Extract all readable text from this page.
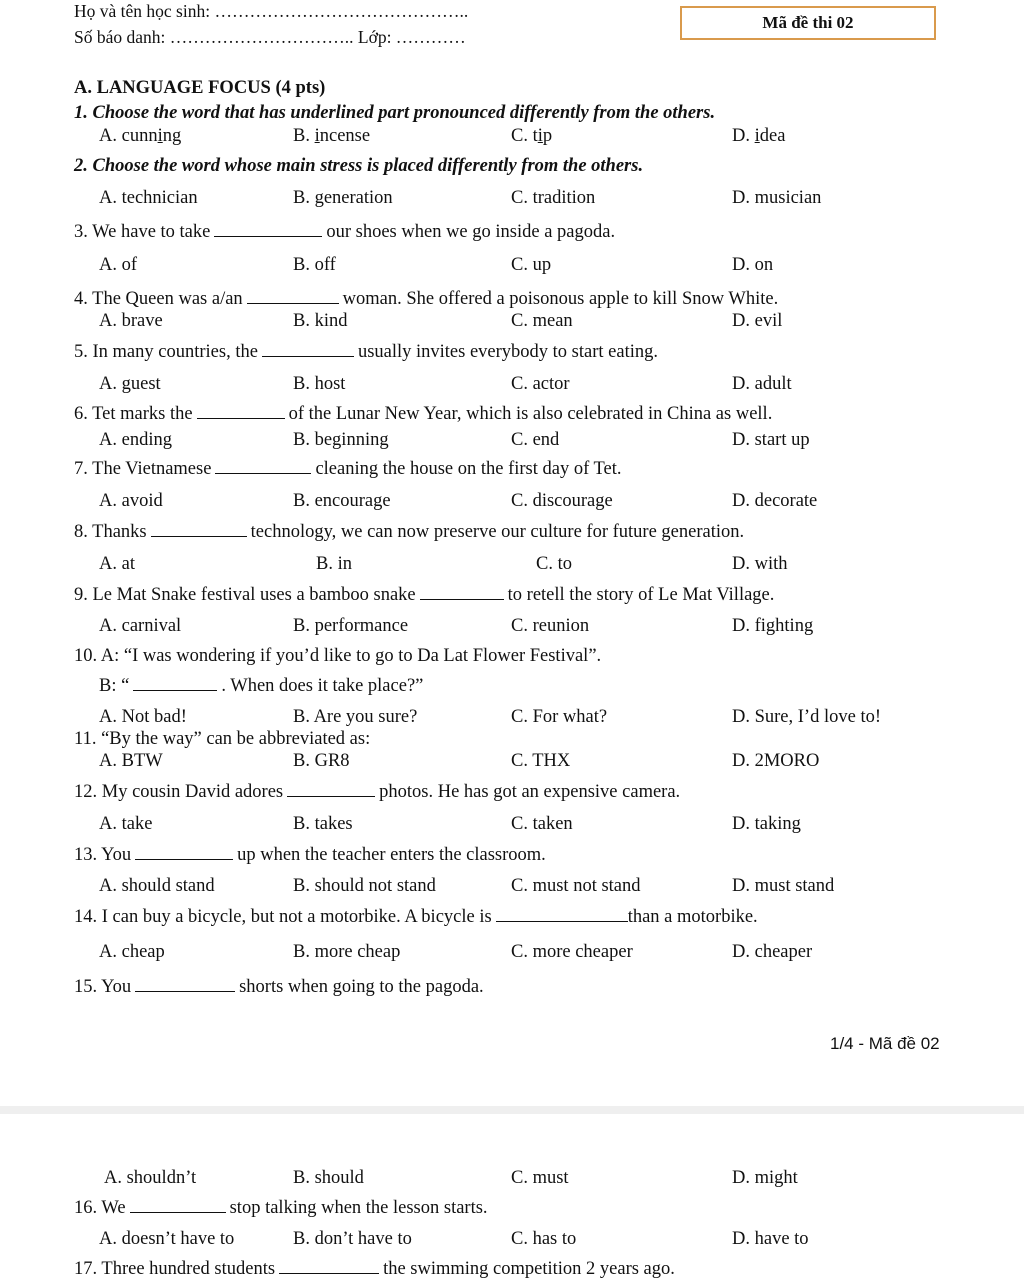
Họ và tên học sinh: ……………………………………..
Số báo danh: ………………………….. Lớp: …………
Mã đề thi 02
A. LANGUAGE FOCUS (4 pts)
1. Choose the word that has underlined part pronounced differently from the others.
A. cunning	B. incense	C. tip	D. idea
2. Choose the word whose main stress is placed differently from the others.
A. technician	B. generation	C. tradition	D. musician
3. We have to take	our shoes when we go inside a pagoda.
A. of	B. off	C. up	D. on
4. The Queen was a/an	woman. She offered a poisonous apple to kill Snow White.
A. brave	B. kind	C. mean	D. evil
5. In many countries, the	usually invites everybody to start eating.
A. guest	B. host	C. actor	D. adult
6. Tet marks the	of the Lunar New Year, which is also celebrated in China as well.
A. ending	B. beginning	C. end	D. start up
7. The Vietnamese	cleaning the house on the first day of Tet.
A. avoid	B. encourage	C. discourage	D. decorate
8. Thanks	technology, we can now preserve our culture for future generation.
A. at	B. in	C. to	D. with
9. Le Mat Snake festival uses a bamboo snake	to retell the story of Le Mat Village.
A. carnival	B. performance	C. reunion	D. fighting
10. A: “I was wondering if you’d like to go to Da Lat Flower Festival”.
B: “	. When does it take place?”
A. Not bad!	B. Are you sure?	C. For what?	D. Sure, I’d love to!
11. “By the way” can be abbreviated as:
A. BTW	B. GR8	C. THX	D. 2MORO
12. My cousin David adores	photos. He has got an expensive camera.
A. take	B. takes	C. taken	D. taking
13. You	up when the teacher enters the classroom.
A. should stand	B. should not stand	C. must not stand	D. must stand
14. I can buy a bicycle, but not a motorbike. A bicycle is	than a motorbike.
A. cheap	B. more cheap	C. more cheaper	D. cheaper
15. You	shorts when going to the pagoda.
1/4 - Mã đề 02
A. shouldn’t	B. should	C. must	D. might
16. We	stop talking when the lesson starts.
A. doesn’t have to	B. don’t have to	C. has to	D. have to
17. Three hundred students	the swimming competition 2 years ago.
